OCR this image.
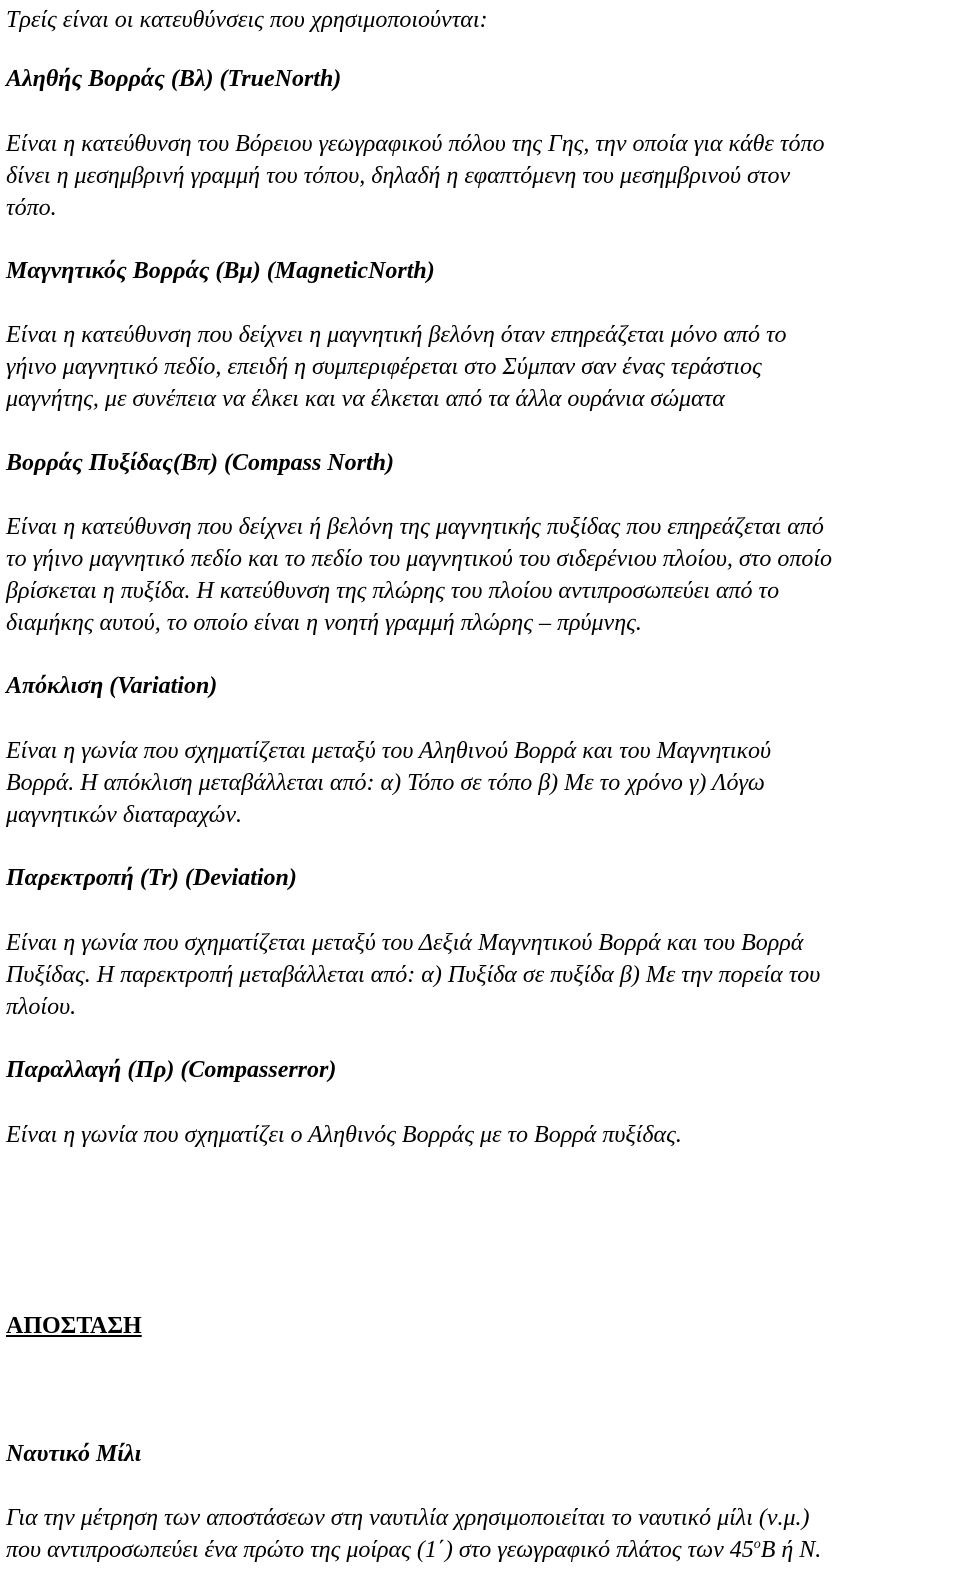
Τρείς είναι οι κατευθύνσεις που χρησιμοποιούνται:

Αληθής Βορράς (Βλ) (TrueNorth)

Είναι η κατεύθυνση του Βόρειου γεωγραφικού πόλου της Γης, την οποία για κάθε τόπο
δίνει η μεσημβρινή γραμμή του τόπου, δηλαδή η εφαπτόμενη του μεσημβρινού στον
τόπο.

Μαγνητικός Βορράς (Βμ) (MagneticNorth)

Είναι η κατεύθυνση που δείχνει η μαγνητική βελόνη όταν επηρεάζεται μόνο από το
γήινο μαγνητικό πεδίο, επειδή η συμπεριφέρεται στο Σύμπαν σαν ένας τεράστιος
μαγνήτης, με συνέπεια να έλκει και να έλκεται από τα άλλα ουράνια σώματα

Βορράς Πυξίδας(Βπ) (Compass North)

Είναι η κατεύθυνση που δείχνει ή βελόνη της μαγνητικής πυξίδας που επηρεάζεται από
το γήινο μαγνητικό πεδίο και το πεδίο του μαγνητικού του σιδερένιου πλοίου, στο οποίο
βρίσκεται η πυξίδα. Η κατεύθυνση της πλώρης του πλοίου αντιπροσωπεύει από το
διαμήκης αυτού, το οποίο είναι η νοητή γραμμή πλώρης – πρύμνης.

Απόκλιση (Variation)

Είναι η γωνία που σχηματίζεται μεταξύ του Αληθινού Βορρά και του Μαγνητικού
Βορρά. Η απόκλιση μεταβάλλεται από: α) Τόπο σε τόπο β) Με το χρόνο γ) Λόγω
μαγνητικών διαταραχών.

Παρεκτροπή (Tr) (Deviation)

Είναι η γωνία που σχηματίζεται μεταξύ του Δεξιά Μαγνητικού Βορρά και του Βορρά
Πυξίδας. Η παρεκτροπή μεταβάλλεται από: α) Πυξίδα σε πυξίδα β) Με την πορεία του
πλοίου.

Παραλλαγή (Πρ) (Compasserror)

Είναι η γωνία που σχηματίζει ο Αληθινός Βορράς με το Βορρά πυξίδας.

ΑΠΟΣΤΑΣΗ

Ναυτικό Μίλι

Για την μέτρηση των αποστάσεων στη ναυτιλία χρησιμοποιείται το ναυτικό μίλι (ν.μ.)
που αντιπροσωπεύει ένα πρώτο της μοίρας (1΄) στο γεωγραφικό πλάτος των $45^oB$ ή Ν.
